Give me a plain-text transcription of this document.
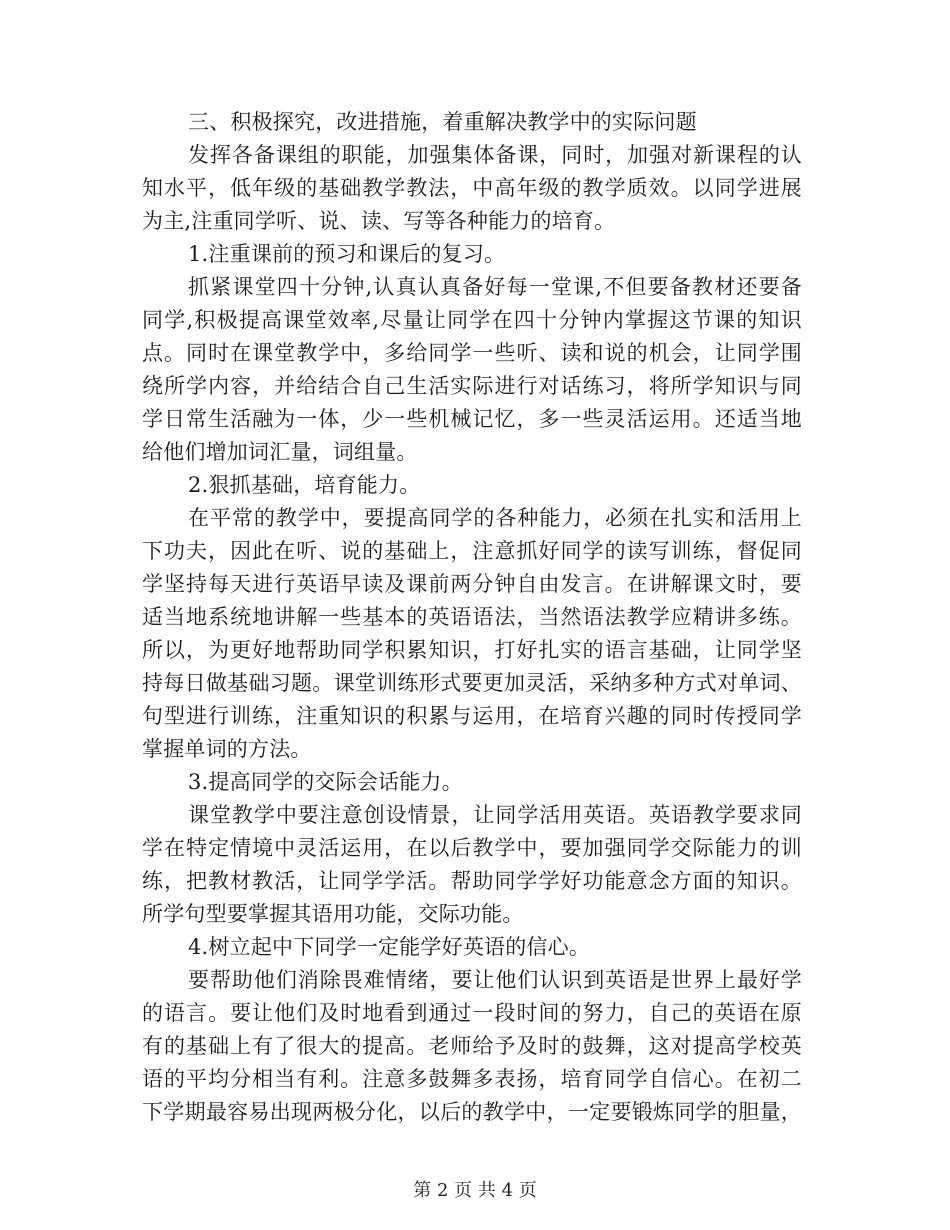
三、积极探究，改进措施，着重解决教学中的实际问题
发挥各备课组的职能，加强集体备课，同时，加强对新课程的认
知水平，低年级的基础教学教法，中高年级的教学质效。以同学进展
为主,注重同学听、说、读、写等各种能力的培育。
1.注重课前的预习和课后的复习。
抓紧课堂四十分钟,认真认真备好每一堂课,不但要备教材还要备
同学,积极提高课堂效率,尽量让同学在四十分钟内掌握这节课的知识
点。同时在课堂教学中，多给同学一些听、读和说的机会，让同学围
绕所学内容，并给结合自己生活实际进行对话练习，将所学知识与同
学日常生活融为一体，少一些机械记忆，多一些灵活运用。还适当地
给他们增加词汇量，词组量。
2.狠抓基础，培育能力。
在平常的教学中，要提高同学的各种能力，必须在扎实和活用上
下功夫，因此在听、说的基础上，注意抓好同学的读写训练，督促同
学坚持每天进行英语早读及课前两分钟自由发言。在讲解课文时，要
适当地系统地讲解一些基本的英语语法，当然语法教学应精讲多练。
所以，为更好地帮助同学积累知识，打好扎实的语言基础，让同学坚
持每日做基础习题。课堂训练形式要更加灵活，采纳多种方式对单词、
句型进行训练，注重知识的积累与运用，在培育兴趣的同时传授同学
掌握单词的方法。
3.提高同学的交际会话能力。
课堂教学中要注意创设情景，让同学活用英语。英语教学要求同
学在特定情境中灵活运用，在以后教学中，要加强同学交际能力的训
练，把教材教活，让同学学活。帮助同学学好功能意念方面的知识。
所学句型要掌握其语用功能，交际功能。
4.树立起中下同学一定能学好英语的信心。
要帮助他们消除畏难情绪，要让他们认识到英语是世界上最好学
的语言。要让他们及时地看到通过一段时间的努力，自己的英语在原
有的基础上有了很大的提高。老师给予及时的鼓舞，这对提高学校英
语的平均分相当有利。注意多鼓舞多表扬，培育同学自信心。在初二
下学期最容易出现两极分化，以后的教学中，一定要锻炼同学的胆量，
第 2 页 共 4 页
